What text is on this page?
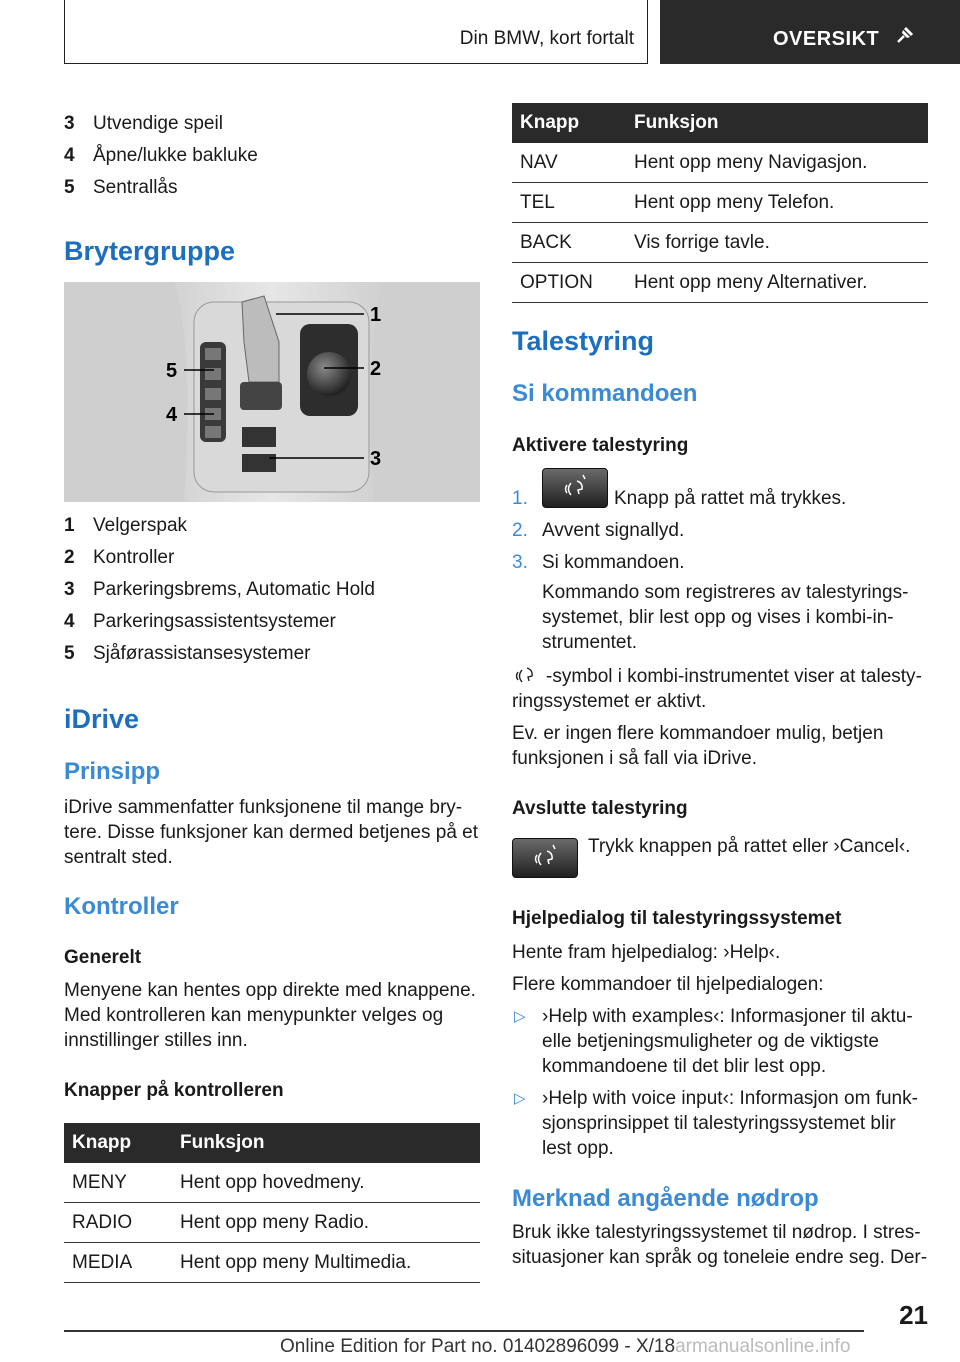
Din BMW, kort fortalt	OVERSIKT
3 Utvendige speil
4 Åpne/lukke bakluke
5 Sentrallås
Brytergruppe
1
2
3
4
5
1 Velgerspak
2 Kontroller
3 Parkeringsbrems, Automatic Hold
4 Parkeringsassistentsystemer
5 Sjåførassistansesystemer
iDrive
Prinsipp
iDrive sammenfatter funksjonene til mange brytere. Disse funksjoner kan dermed betjenes på et sentralt sted.
Kontroller
Generelt
Menyene kan hentes opp direkte med knappene. Med kontrolleren kan menypunkter velges og innstillinger stilles inn.
Knapper på kontrolleren
Knapp	Funksjon
MENY	Hent opp hovedmeny.
RADIO	Hent opp meny Radio.
MEDIA	Hent opp meny Multimedia.
Knapp	Funksjon
NAV	Hent opp meny Navigasjon.
TEL	Hent opp meny Telefon.
BACK	Vis forrige tavle.
OPTION	Hent opp meny Alternativer.
Talestyring
Si kommandoen
Aktivere talestyring
1.	Knapp på rattet må trykkes.
2. Avvent signallyd.
3. Si kommandoen.
Kommando som registreres av talestyringssystemet, blir lest opp og vises i kombi-instrumentet.
-symbol i kombi-instrumentet viser at talestyringssystemet er aktivt.
Ev. er ingen flere kommandoer mulig, betjen funksjonen i så fall via iDrive.
Avslutte talestyring
Trykk knappen på rattet eller ›Cancel‹.
Hjelpedialog til talestyringssystemet
Hente fram hjelpedialog: ›Help‹.
Flere kommandoer til hjelpedialogen:
▷ ›Help with examples‹: Informasjoner til aktuelle betjeningsmuligheter og de viktigste kommandoene til det blir lest opp.
▷ ›Help with voice input‹: Informasjon om funksjonsprinsippet til talestyringssystemet blir lest opp.
Merknad angående nødrop
Bruk ikke talestyringssystemet til nødrop. I stressituasjoner kan språk og toneleie endre seg. Der-
21
Online Edition for Part no. 01402896099 - X/18armanualsonline.info
